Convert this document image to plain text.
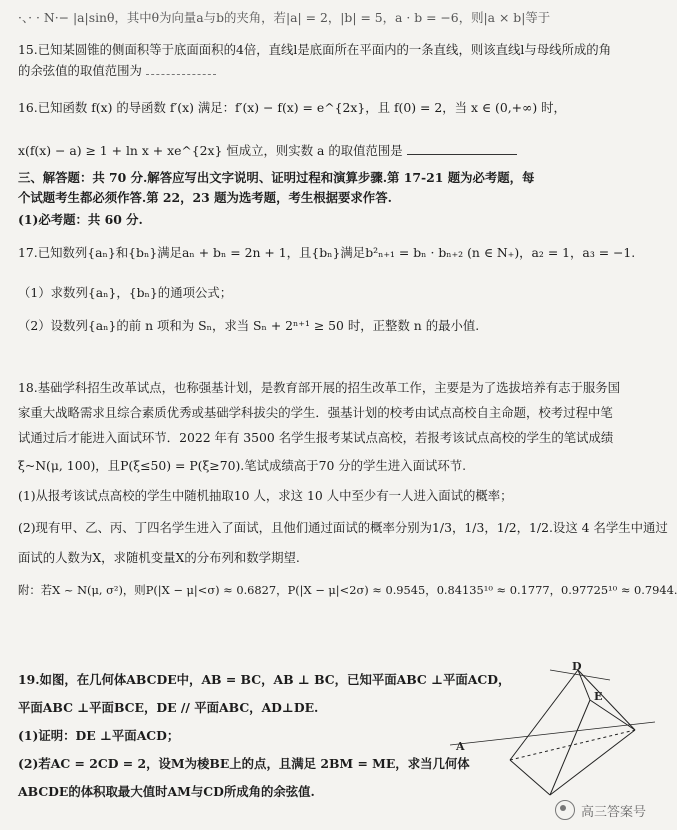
·、· · N·− |a|sinθ，其中θ为向量a与b的夹角，若|a| = 2，|b| = 5，a · b = −6，则|a × b|等于
15.已知某圆锥的侧面积等于底面面积的4倍，直线l是底面所在平面内的一条直线，则该直线l与母线所成的角
的余弦值的取值范围为
16.已知函数 f(x) 的导函数 f′(x) 满足：f′(x) − f(x) = e^{2x}，且 f(0) = 2，当 x ∈ (0,+∞) 时，
x(f(x) − a) ≥ 1 + ln x + xe^{2x} 恒成立，则实数 a 的取值范围是
三、解答题：共 70 分.解答应写出文字说明、证明过程和演算步骤.第 17-21 题为必考题，每
个试题考生都必须作答.第 22，23 题为选考题，考生根据要求作答.
(1)必考题：共 60 分.
17.已知数列{aₙ}和{bₙ}满足aₙ + bₙ = 2n + 1，且{bₙ}满足b²ₙ₊₁ = bₙ · bₙ₊₂ (n ∈ N₊)，a₂ = 1，a₃ = −1.
（1）求数列{aₙ}，{bₙ}的通项公式；
（2）设数列{aₙ}的前 n 项和为 Sₙ，求当 Sₙ + 2ⁿ⁺¹ ≥ 50 时，正整数 n 的最小值.
18.基础学科招生改革试点，也称强基计划，是教育部开展的招生改革工作，主要是为了选拔培养有志于服务国
家重大战略需求且综合素质优秀或基础学科拔尖的学生．强基计划的校考由试点高校自主命题，校考过程中笔
试通过后才能进入面试环节．2022 年有 3500 名学生报考某试点高校，若报考该试点高校的学生的笔试成绩
ξ~N(μ, 100)，且P(ξ≤50) = P(ξ≥70).笔试成绩高于70 分的学生进入面试环节.
(1)从报考该试点高校的学生中随机抽取10 人，求这 10 人中至少有一人进入面试的概率；
(2)现有甲、乙、丙、丁四名学生进入了面试，且他们通过面试的概率分别为1/3，1/3，1/2，1/2.设这 4 名学生中通过
面试的人数为X，求随机变量X的分布列和数学期望.
附：若X ~ N(μ, σ²)，则P(|X − μ|<σ) ≈ 0.6827，P(|X − μ|<2σ) ≈ 0.9545，0.84135¹⁰ ≈ 0.1777，0.97725¹⁰ ≈ 0.7944.
19.如图，在几何体ABCDE中，AB = BC，AB ⊥ BC，已知平面ABC ⊥平面ACD，
平面ABC ⊥平面BCE，DE // 平面ABC，AD⊥DE.
(1)证明：DE ⊥平面ACD；
(2)若AC = 2CD = 2，设M为棱BE上的点，且满足 2BM = ME，求当几何体
ABCDE的体积取最大值时AM与CD所成角的余弦值.
D
E
A
高三答案号
